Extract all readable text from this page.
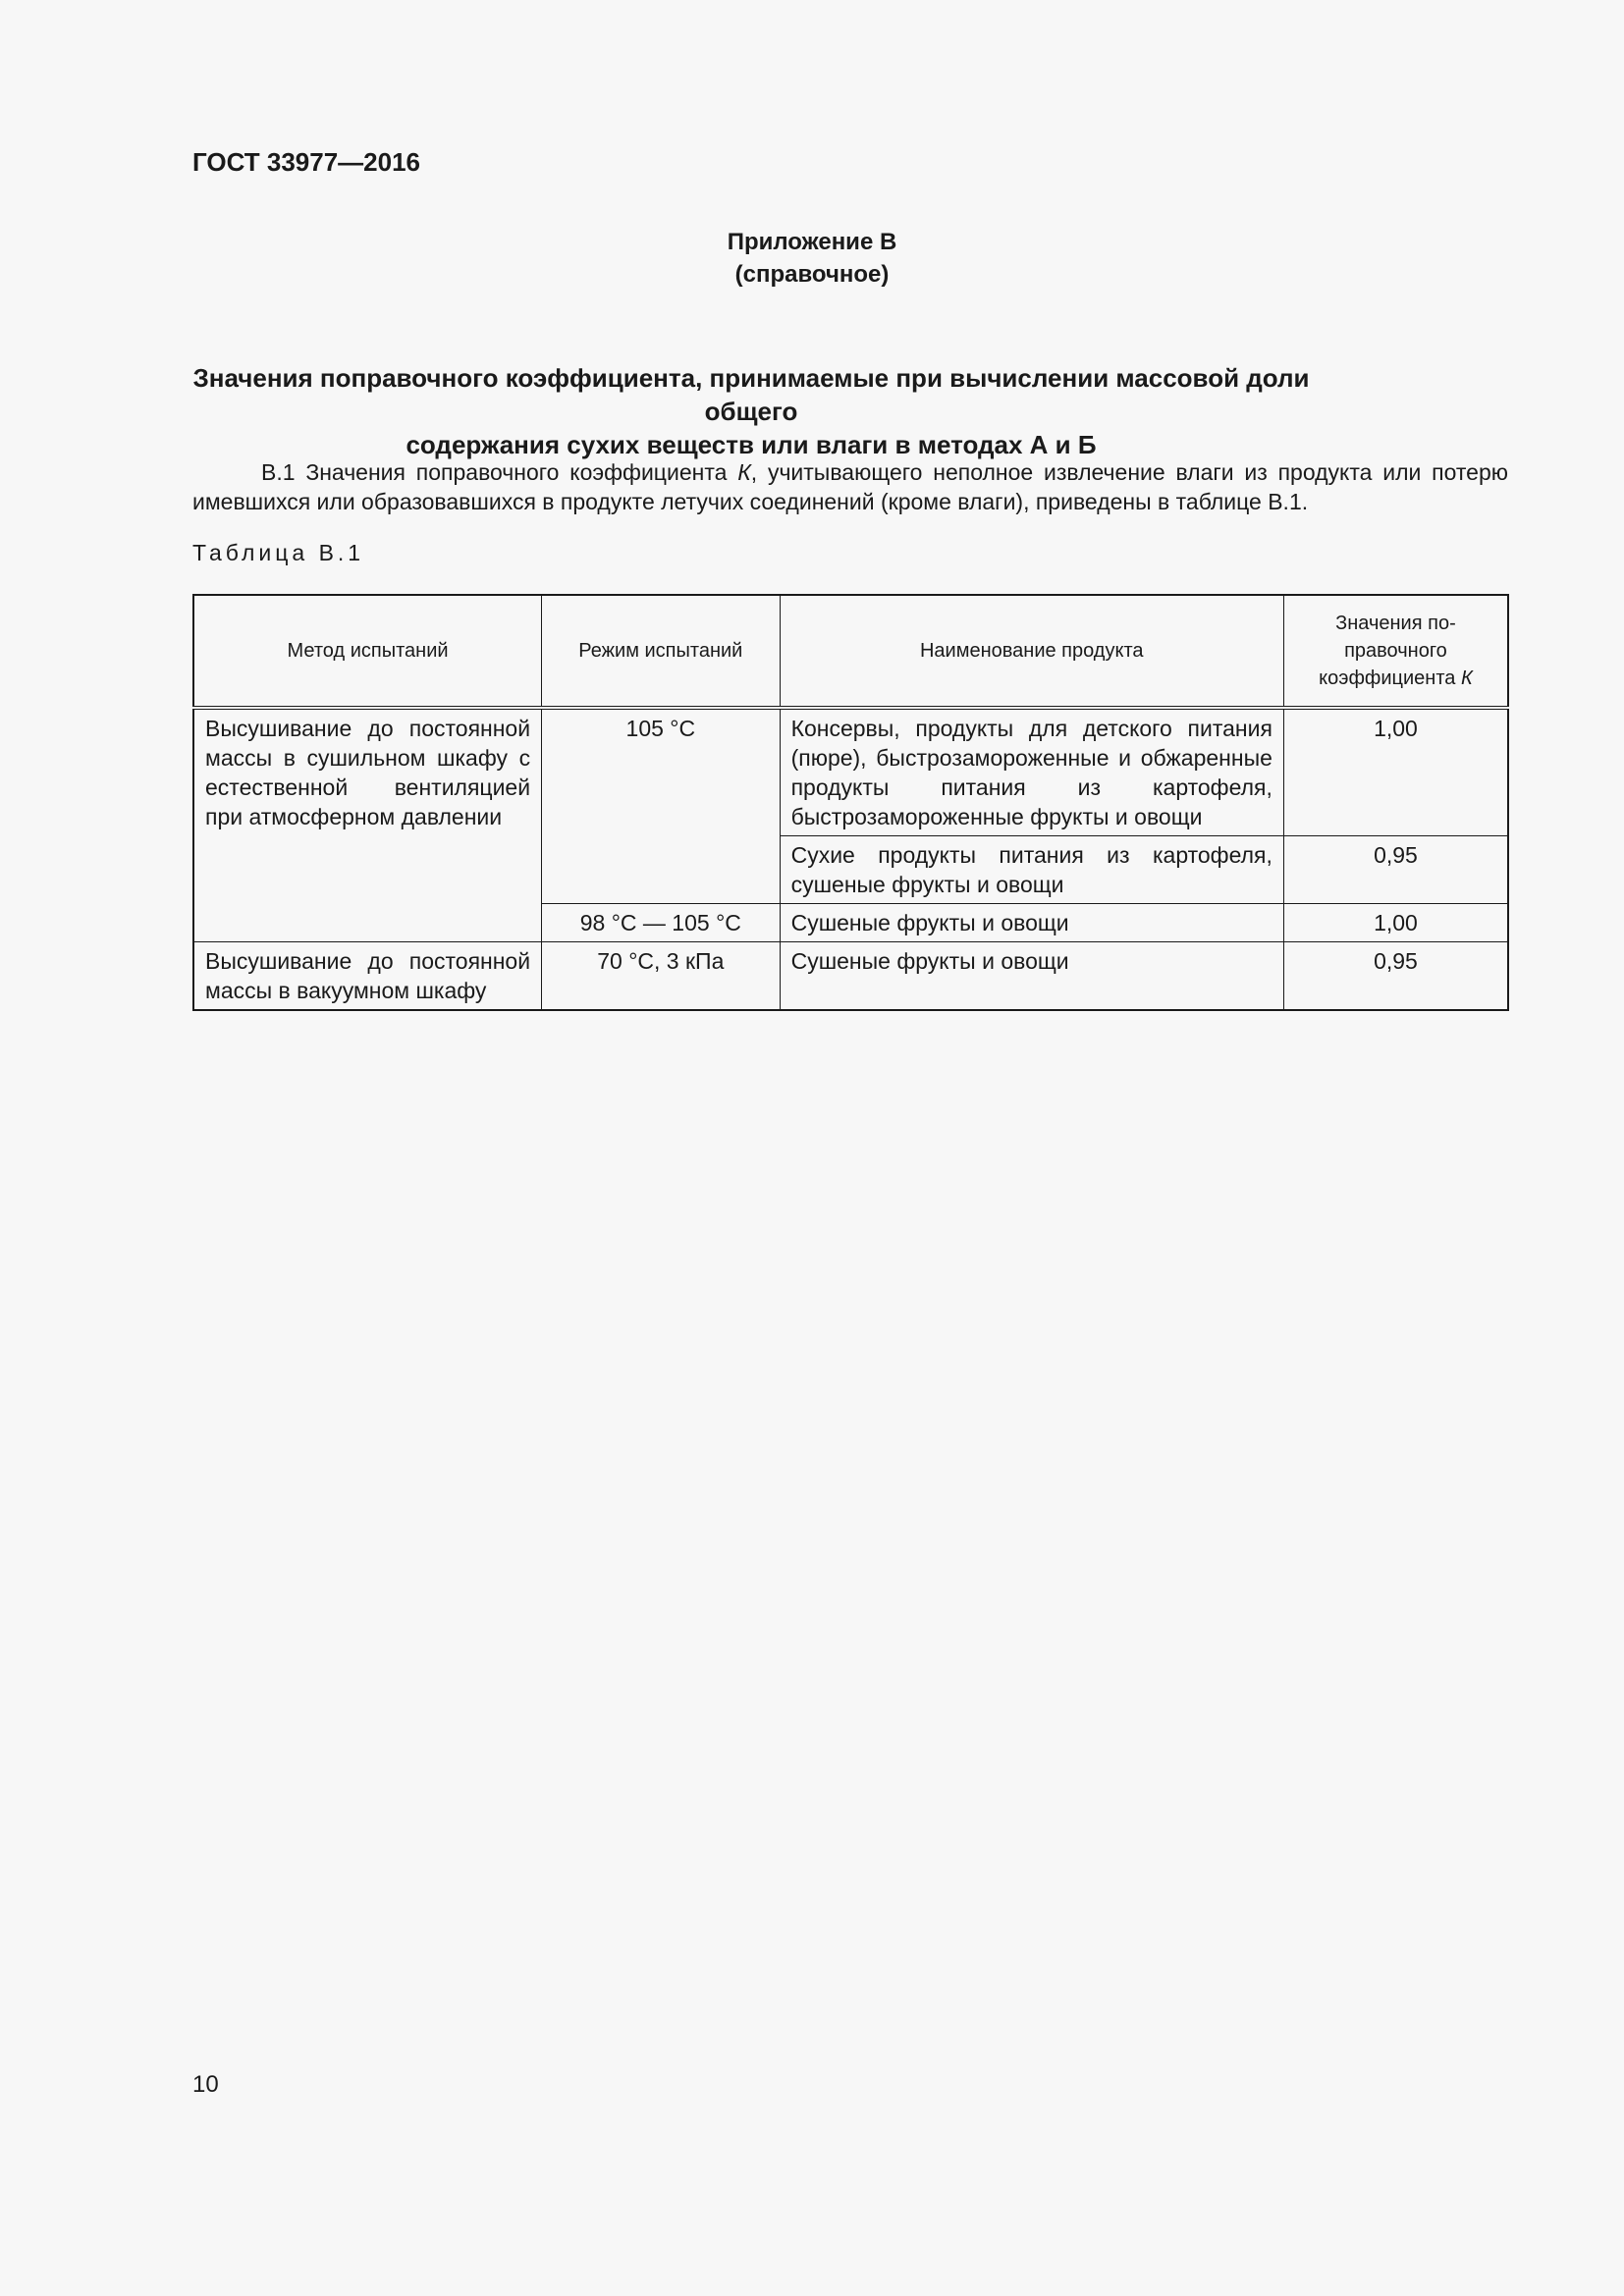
ГОСТ 33977—2016
Приложение В
(справочное)
Значения поправочного коэффициента, принимаемые при вычислении массовой доли общего
содержания сухих веществ или влаги в методах А и Б

В.1 Значения поправочного коэффициента К, учитывающего неполное извлечение влаги из продукта или потерю имевшихся или образовавшихся в продукте летучих соединений (кроме влаги), приведены в таблице В.1.

Таблица В.1
Метод испытаний	Режим испытаний	Наименование продукта	Значения по-правочного коэффициента К

Высушивание до постоянной массы в сушильном шкафу с естественной вентиляцией при атмосферном давлении	105 °С	Консервы, продукты для детского питания (пюре), быстрозамороженные и обжаренные продукты питания из картофеля, быстрозамороженные фрукты и овощи	1,00

		Сухие продукты питания из картофеля, сушеные фрукты и овощи	0,95

	98 °С — 105 °С	Сушеные фрукты и овощи	1,00

Высушивание до постоянной массы в вакуумном шкафу	70 °С, 3 кПа	Сушеные фрукты и овощи	0,95
10
